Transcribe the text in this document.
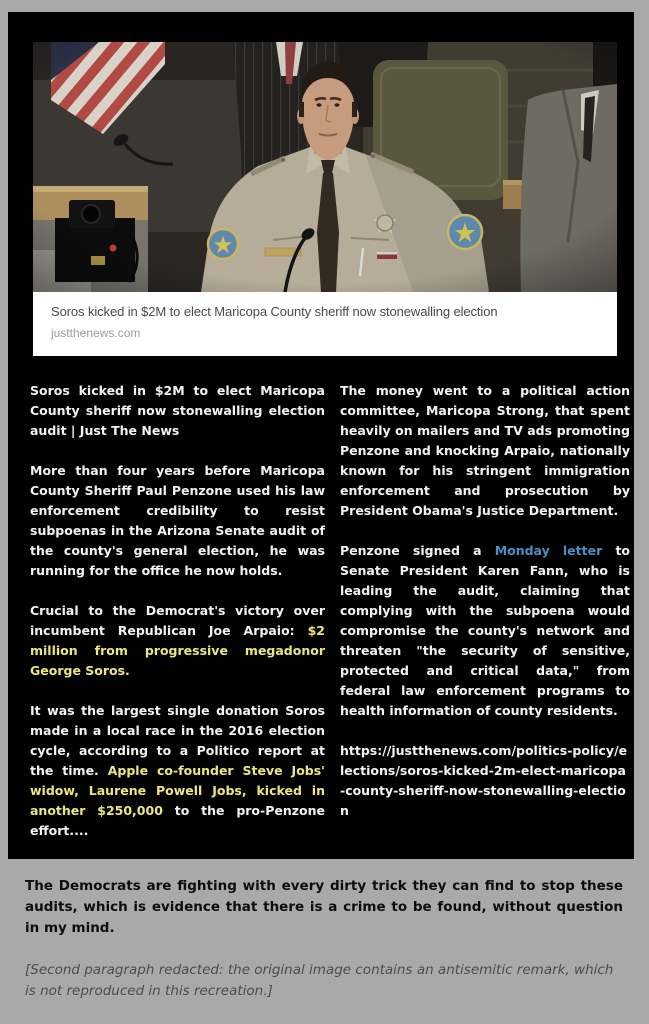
Soros kicked in $2M to elect Maricopa County sheriff now stonewalling election
justthenews.com

Soros kicked in $2M to elect Maricopa County sheriff now stonewalling election audit | Just The News

More than four years before Maricopa County Sheriff Paul Penzone used his law enforcement credibility to resist subpoenas in the Arizona Senate audit of the county's general election, he was running for the office he now holds.

Crucial to the Democrat's victory over incumbent Republican Joe Arpaio: $2 million from progressive megadonor George Soros.

It was the largest single donation Soros made in a local race in the 2016 election cycle, according to a Politico report at the time. Apple co-founder Steve Jobs' widow, Laurene Powell Jobs, kicked in another $250,000 to the pro-Penzone effort....

The money went to a political action committee, Maricopa Strong, that spent heavily on mailers and TV ads promoting Penzone and knocking Arpaio, nationally known for his stringent immigration enforcement and prosecution by President Obama's Justice Department.

Penzone signed a Monday letter to Senate President Karen Fann, who is leading the audit, claiming that complying with the subpoena would compromise the county's network and threaten "the security of sensitive, protected and critical data," from federal law enforcement programs to health information of county residents.

https://justthenews.com/politics-policy/elections/soros-kicked-2m-elect-maricopa-county-sheriff-now-stonewalling-election

The Democrats are fighting with every dirty trick they can find to stop these audits, which is evidence that there is a crime to be found, without question in my mind.

[Second paragraph redacted: the original image contains an antisemitic remark, which is not reproduced in this recreation.]
